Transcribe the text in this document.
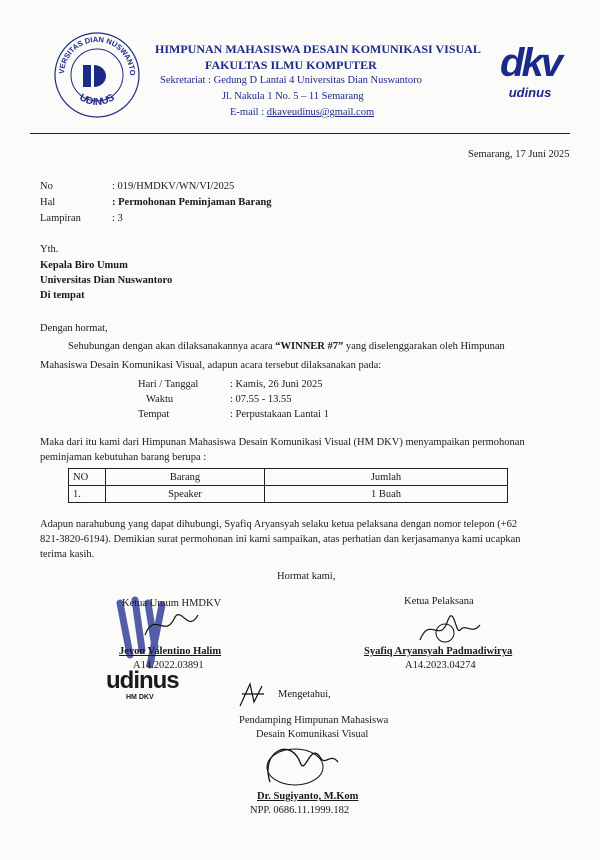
VERSITAS DIAN NUSWANTO
UDINUS
HIMPUNAN MAHASISWA DESAIN KOMUNIKASI VISUAL
FAKULTAS ILMU KOMPUTER
Sekretariat : Gedung D Lantai 4 Universitas Dian Nuswantoro
Jl. Nakula 1 No. 5 – 11 Semarang
E-mail : dkaveudinus@gmail.com
dkv
udinus
Semarang, 17 Juni 2025
No	: 019/HMDKV/WN/VI/2025
Hal	: Permohonan Peminjaman Barang
Lampiran	: 3
Yth.
Kepala Biro Umum
Universitas Dian Nuswantoro
Di tempat
Dengan hormat,
Sehubungan dengan akan dilaksanakannya acara “WINNER #7” yang diselenggarakan oleh Himpunan
Mahasiswa Desain Komunikasi Visual, adapun acara tersebut dilaksanakan pada:
Hari / Tanggal	: Kamis, 26 Juni 2025
Waktu	: 07.55 - 13.55
Tempat	: Perpustakaan Lantai 1
Maka dari itu kami dari Himpunan Mahasiswa Desain Komunikasi Visual (HM DKV) menyampaikan permohonan
peminjaman kebutuhan barang berupa :
NO	Barang	Jumlah
1.	Speaker	1 Buah
Adapun narahubung yang dapat dihubungi, Syafiq Aryansyah selaku ketua pelaksana dengan nomor telepon (+62
821-3820-6194). Demikian surat permohonan ini kami sampaikan, atas perhatian dan kerjasamanya kami ucapkan
terima kasih.
Hormat kami,
udinus
HM DKV
Ketua Umum HMDKV
Jevon Valentino Halim
A14.2022.03891
Ketua Pelaksana
Syafiq Aryansyah Padmadiwirya
A14.2023.04274
Mengetahui,
Pendamping Himpunan Mahasiswa
Desain Komunikasi Visual
Dr. Sugiyanto, M.Kom
NPP. 0686.11.1999.182
